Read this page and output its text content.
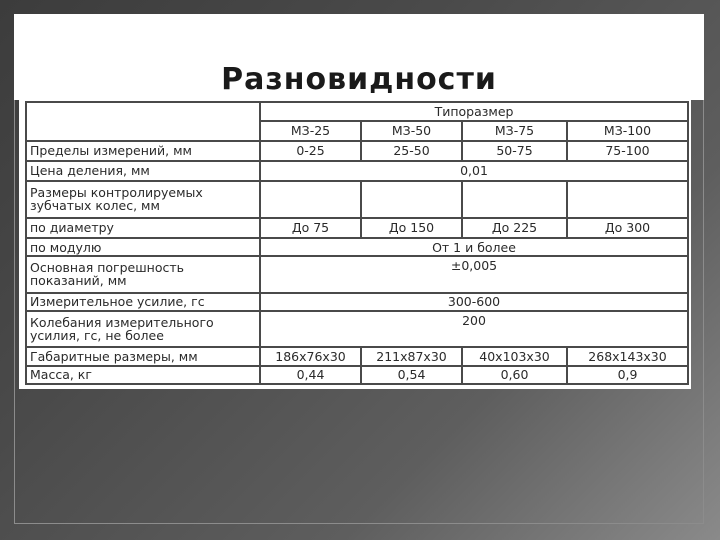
Разновидности
	Типоразмер			
	МЗ-25	МЗ-50	МЗ-75	МЗ-100
Пределы измерений, мм	0-25	25-50	50-75	75-100
Цена деления, мм	0,01			
Размеры контролируемых зубчатых колес, мм				
по диаметру	До 75	До 150	До 225	До 300
по модулю	От 1 и более			
Основная погрешность показаний, мм	±0,005			
Измерительное усилие, гс	300-600			
Колебания измерительного усилия, гс, не более	200			
Габаритные размеры, мм	186х76х30	211х87х30	40х103х30	268х143х30
Масса, кг	0,44	0,54	0,60	0,9
